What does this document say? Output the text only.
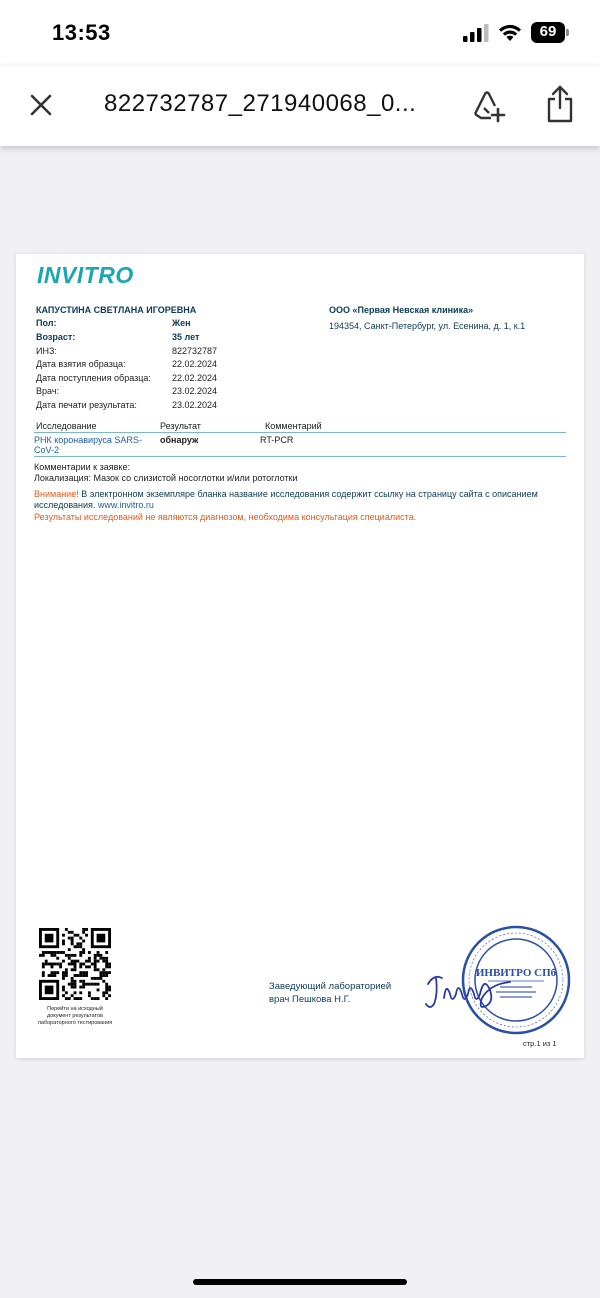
13:53	69
822732787_271940068_0...
INVITRO
КАПУСТИНА СВЕТЛАНА ИГОРЕВНА
Пол:	Жен
Возраст:	35 лет
ИНЗ:	822732787
Дата взятия образца:	22.02.2024
Дата поступления образца: 22.02.2024
Врач:	23.02.2024
Дата печати результата:	23.02.2024
ООО «Первая Невская клиника»
194354, Санкт-Петербург, ул. Есенина, д. 1, к.1
Исследование	Результат	Комментарий
РНК коронавируса SARS-
CoV-2
обнаруж	RT-PCR
Комментарии к заявке:
Локализация: Мазок со слизистой носоглотки и/или ротоглотки
Внимание! В электронном экземпляре бланка название исследования содержит ссылку на страницу сайта с описанием
исследования. www.invitro.ru
Результаты исследований не являются диагнозом, необходима консультация специалиста.
Перейти на исходный
документ результатов
лабораторного тестирования
Заведующий лабораторией
врач Пешкова Н.Г.
ИНВИТРО СПб
стр.1 из 1
